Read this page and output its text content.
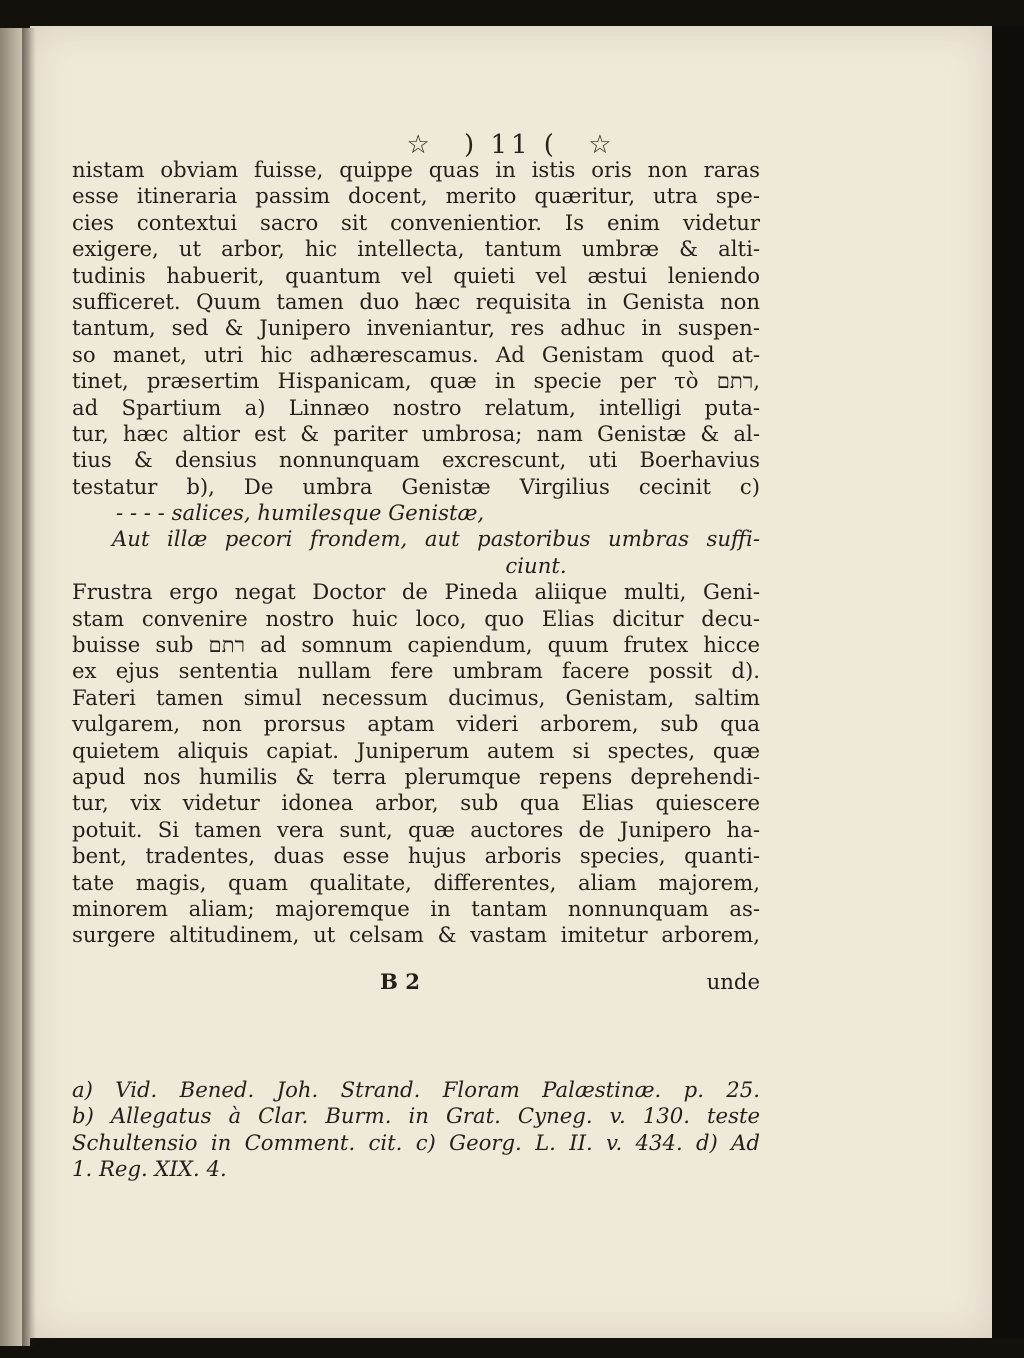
☆ ) 11 ( ☆
nistam obviam fuisse, quippe quas in istis oris non raras
esse itineraria passim docent, merito quæritur, utra spe-
cies contextui sacro sit convenientior. Is enim videtur
exigere, ut arbor, hic intellecta, tantum umbræ & alti-
tudinis habuerit, quantum vel quieti vel æstui leniendo
sufficeret. Quum tamen duo hæc requisita in Genista non
tantum, sed & Junipero inveniantur, res adhuc in suspen-
so manet, utri hic adhærescamus. Ad Genistam quod at-
tinet, præsertim Hispanicam, quæ in specie per τὸ רתם,
ad Spartium a) Linnæo nostro relatum, intelligi puta-
tur, hæc altior est & pariter umbrosa; nam Genistæ & al-
tius & densius nonnunquam excrescunt, uti Boerhavius
testatur b), De umbra Genistæ Virgilius cecinit c)
- - - - salices, humilesque Genistæ,
Aut illæ pecori frondem, aut pastoribus umbras suffi-
ciunt.
Frustra ergo negat Doctor de Pineda aliique multi, Geni-
stam convenire nostro huic loco, quo Elias dicitur decu-
buisse sub רתם ad somnum capiendum, quum frutex hicce
ex ejus sententia nullam fere umbram facere possit d).
Fateri tamen simul necessum ducimus, Genistam, saltim
vulgarem, non prorsus aptam videri arborem, sub qua
quietem aliquis capiat. Juniperum autem si spectes, quæ
apud nos humilis & terra plerumque repens deprehendi-
tur, vix videtur idonea arbor, sub qua Elias quiescere
potuit. Si tamen vera sunt, quæ auctores de Junipero ha-
bent, tradentes, duas esse hujus arboris species, quanti-
tate magis, quam qualitate, differentes, aliam majorem,
minorem aliam; majoremque in tantam nonnunquam as-
surgere altitudinem, ut celsam & vastam imitetur arborem,
B 2	unde
a) Vid. Bened. Joh. Strand. Floram Palæstinæ. p. 25.
b) Allegatus à Clar. Burm. in Grat. Cyneg. v. 130. teste
Schultensio in Comment. cit. c) Georg. L. II. v. 434. d) Ad
1. Reg. XIX. 4.
